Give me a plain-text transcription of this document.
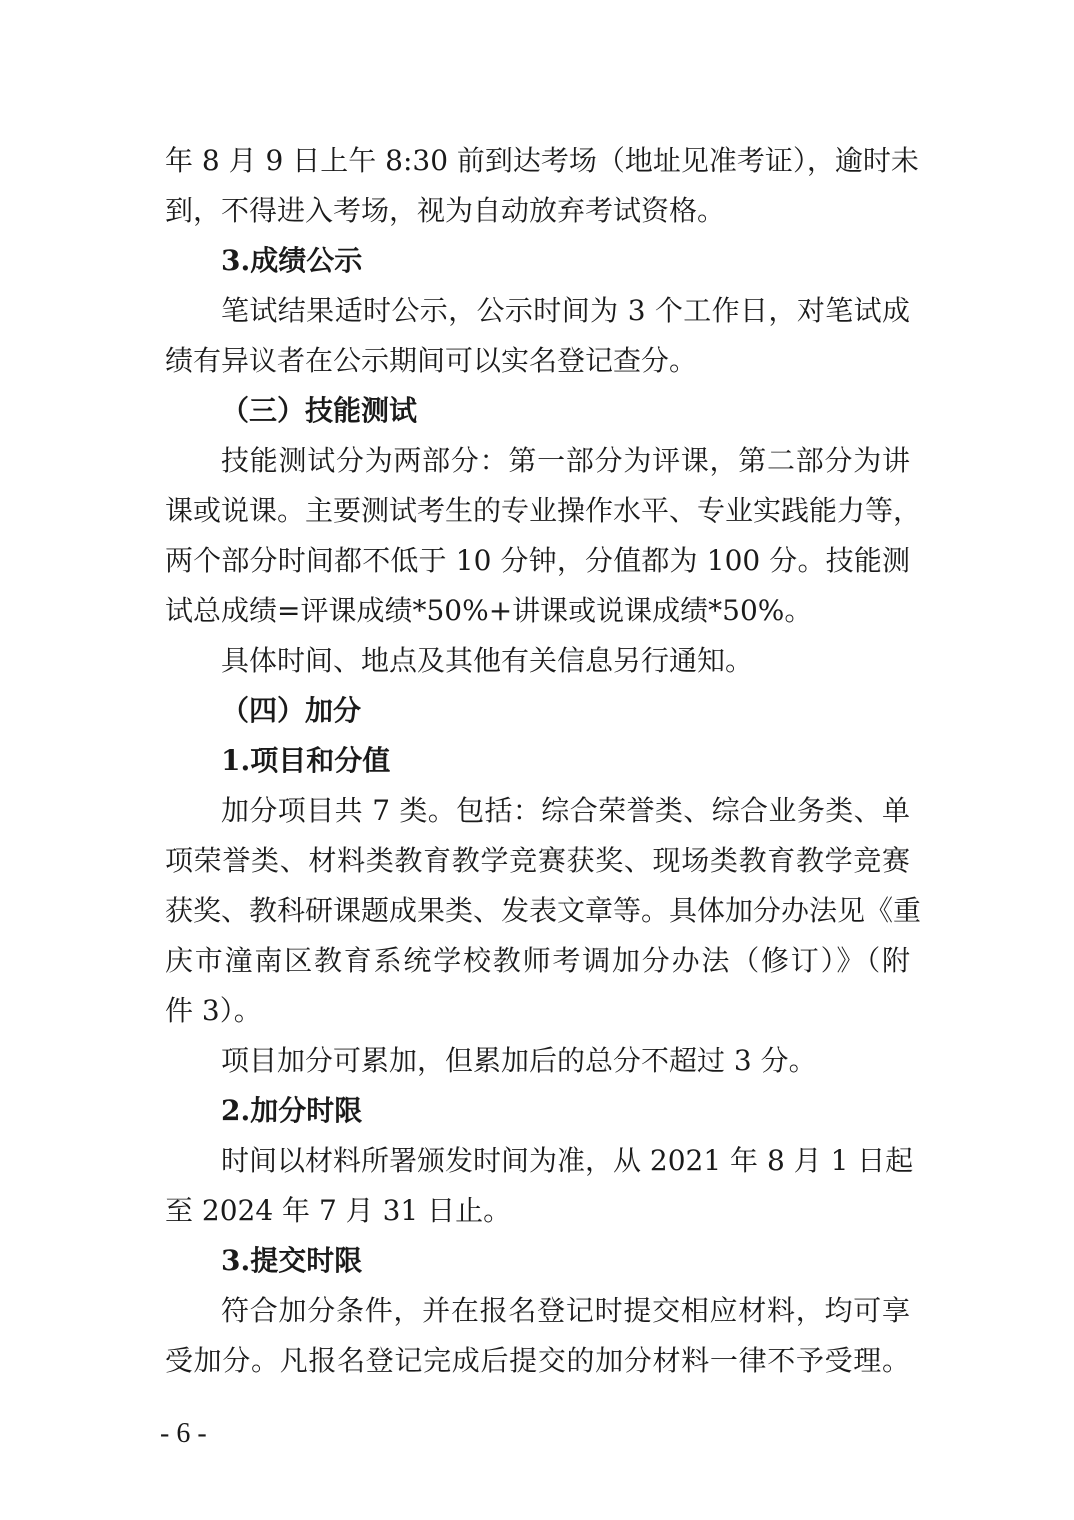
年 8 月 9 日上午 8:30 前到达考场（地址见准考证），逾时未
到，不得进入考场，视为自动放弃考试资格。
3.成绩公示
笔试结果适时公示，公示时间为 3 个工作日，对笔试成
绩有异议者在公示期间可以实名登记查分。
（三）技能测试
技能测试分为两部分：第一部分为评课，第二部分为讲
课或说课。主要测试考生的专业操作水平、专业实践能力等，
两个部分时间都不低于 10 分钟，分值都为 100 分。技能测
试总成绩=评课成绩*50%+讲课或说课成绩*50%。
具体时间、地点及其他有关信息另行通知。
（四）加分
1.项目和分值
加分项目共 7 类。包括：综合荣誉类、综合业务类、单
项荣誉类、材料类教育教学竞赛获奖、现场类教育教学竞赛
获奖、教科研课题成果类、发表文章等。具体加分办法见《重
庆市潼南区教育系统学校教师考调加分办法（修订）》（附
件 3）。
项目加分可累加，但累加后的总分不超过 3 分。
2.加分时限
时间以材料所署颁发时间为准，从 2021 年 8 月 1 日起
至 2024 年 7 月 31 日止。
3.提交时限
符合加分条件，并在报名登记时提交相应材料，均可享
受加分。凡报名登记完成后提交的加分材料一律不予受理。
- 6 -
